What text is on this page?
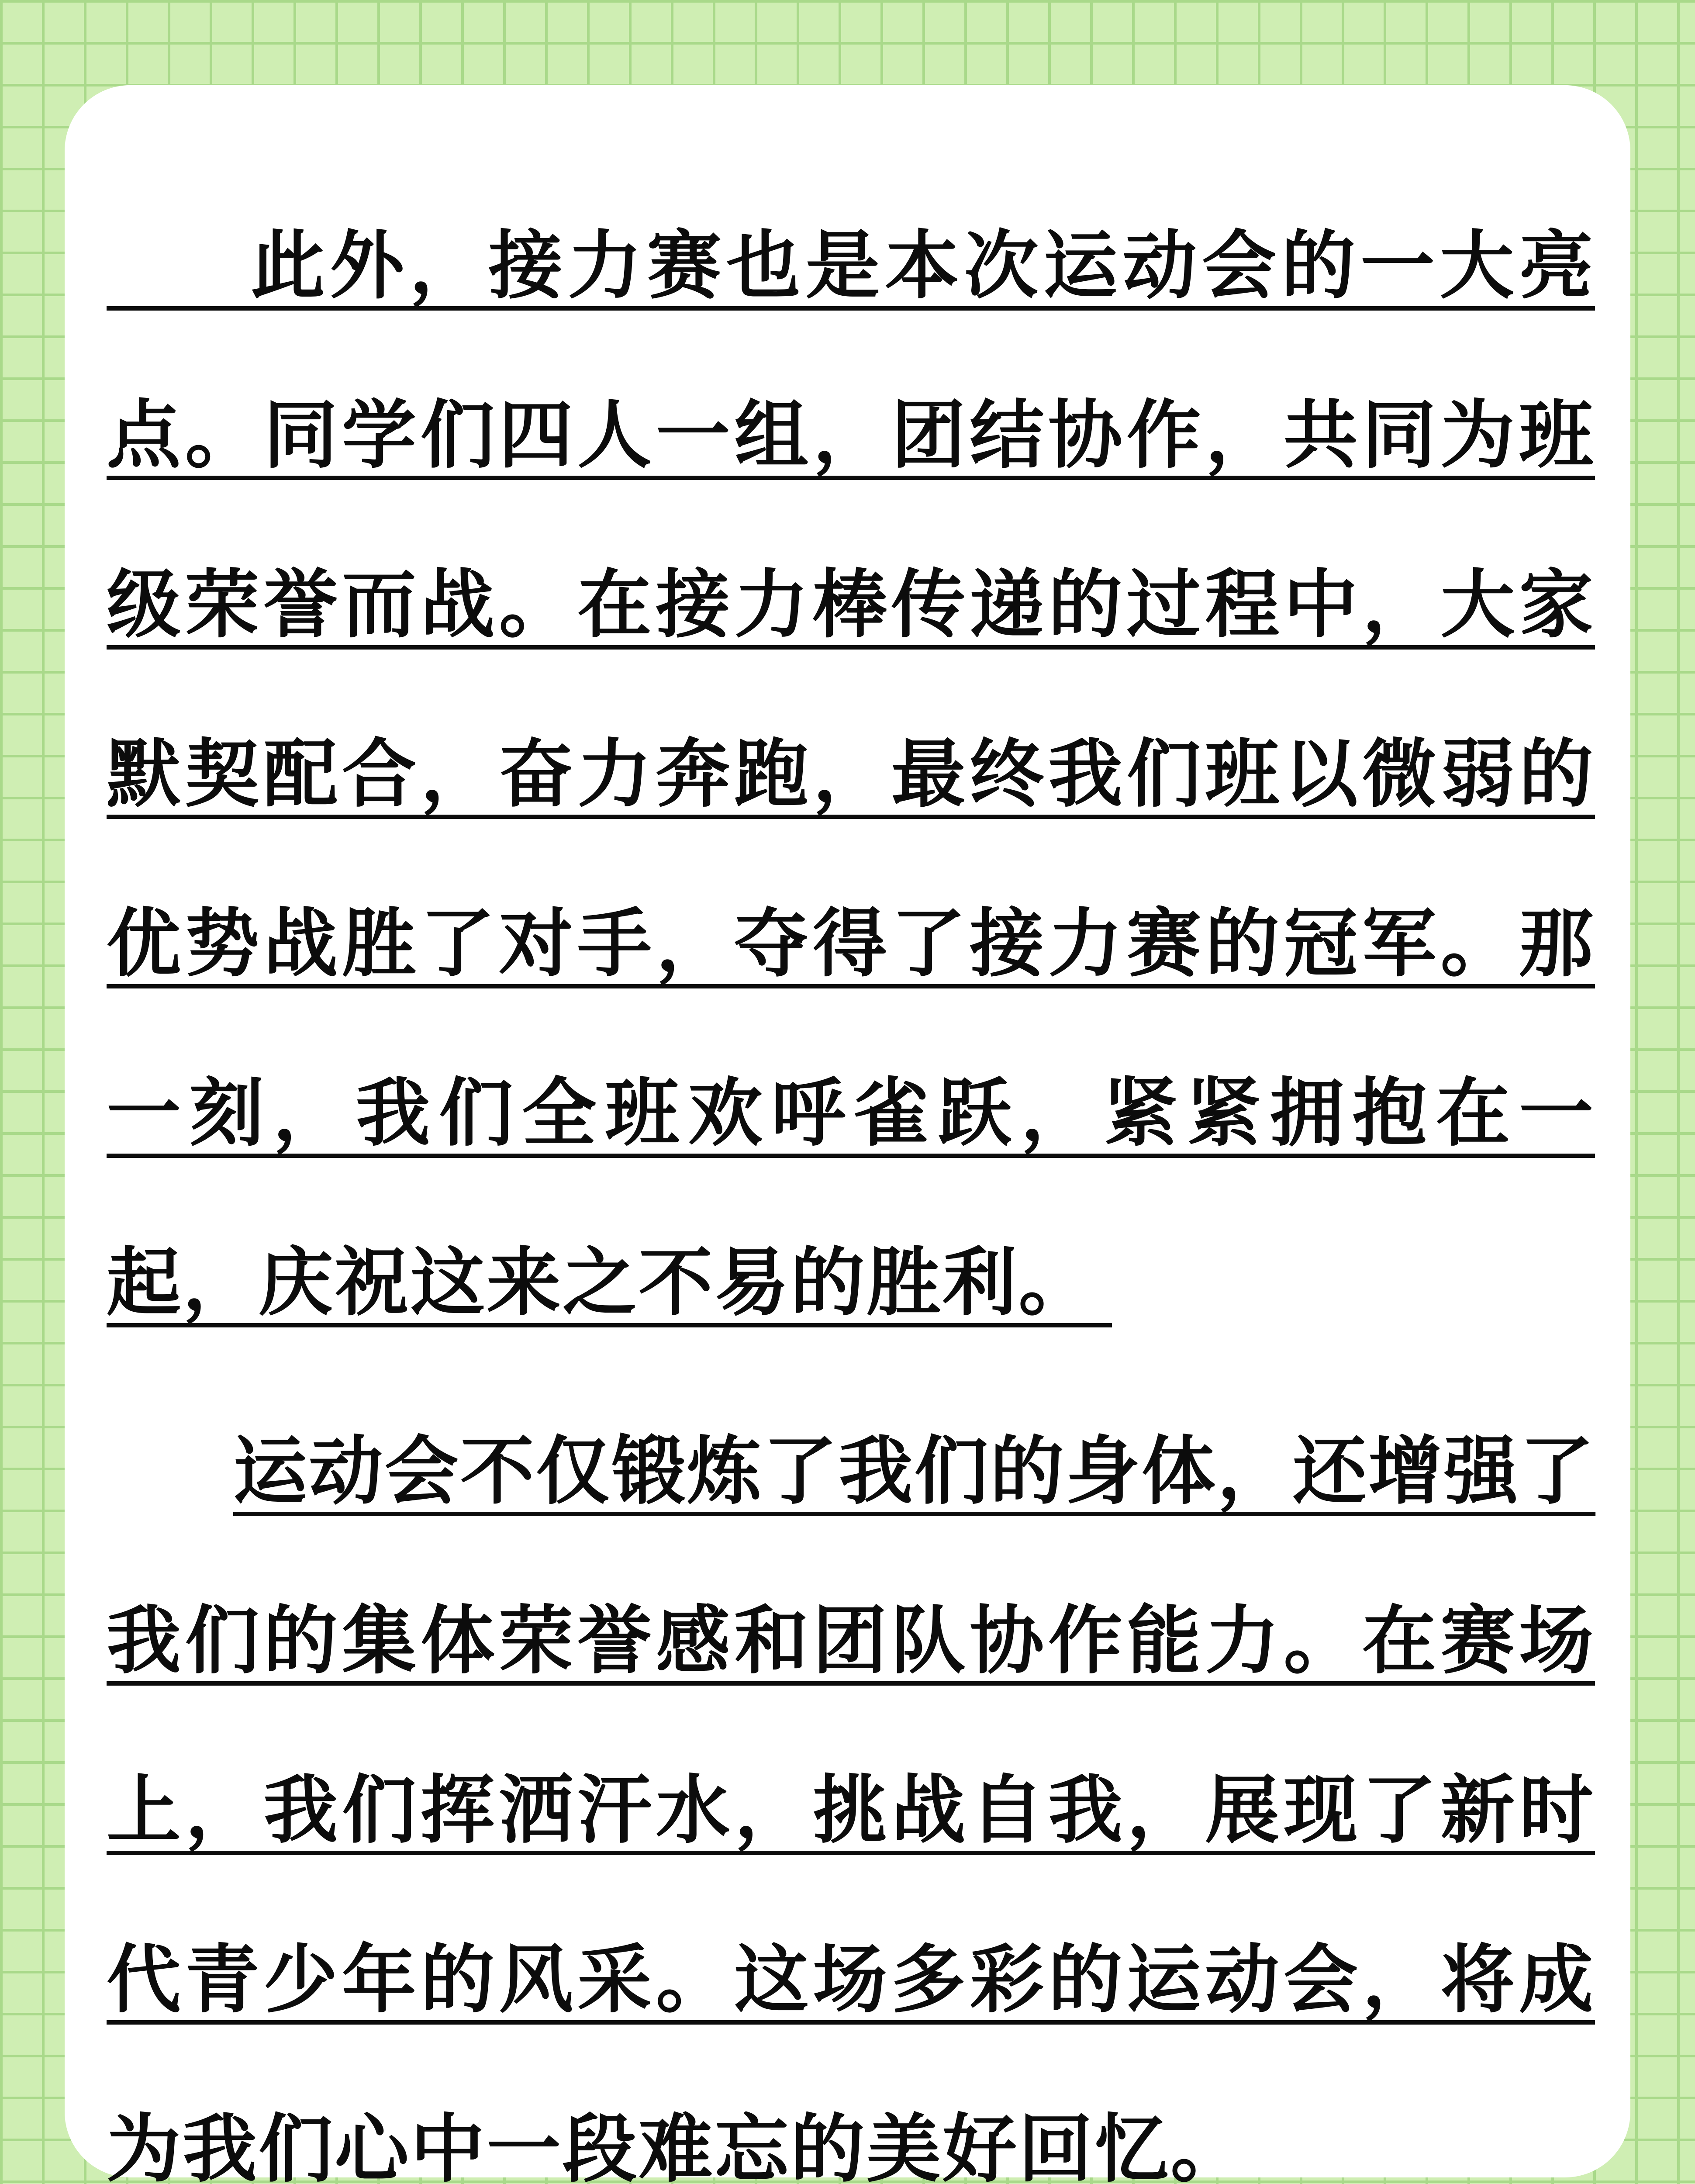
此外，接力赛也是本次运动会的一大亮
点。同学们四人一组，团结协作，共同为班
级荣誉而战。在接力棒传递的过程中，大家
默契配合，奋力奔跑，最终我们班以微弱的
优势战胜了对手，夺得了接力赛的冠军。那
一刻，我们全班欢呼雀跃，紧紧拥抱在一
起，庆祝这来之不易的胜利。
运动会不仅锻炼了我们的身体，还增强了
我们的集体荣誉感和团队协作能力。在赛场
上，我们挥洒汗水，挑战自我，展现了新时
代青少年的风采。这场多彩的运动会，将成
为我们心中一段难忘的美好回忆。
